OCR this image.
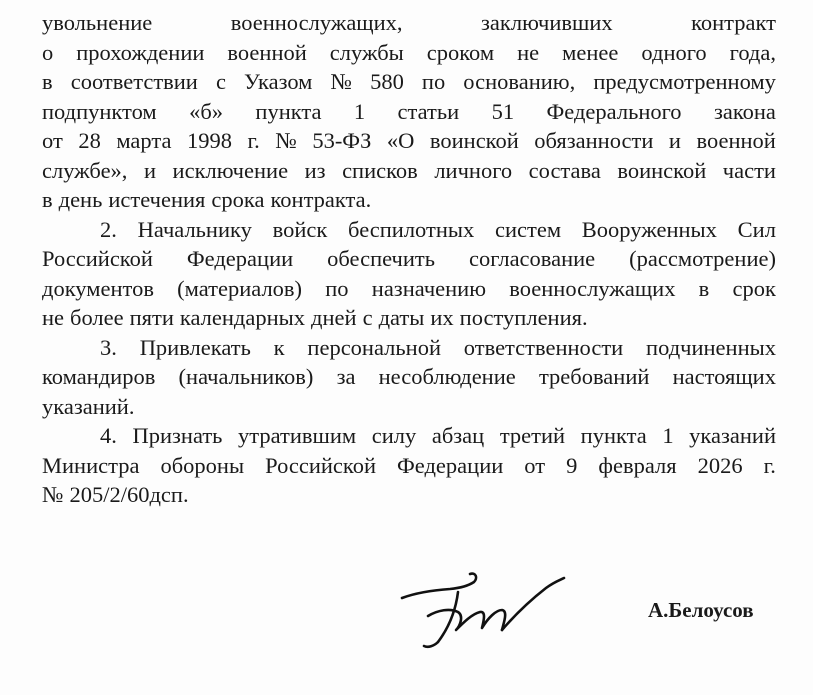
увольнение	военнослужащих,	заключивших	контракт
о прохождении военной службы сроком не менее одного года,
в соответствии с Указом № 580 по основанию, предусмотренному
подпунктом «б» пункта 1 статьи 51 Федерального закона
от 28 марта 1998 г. № 53-ФЗ «О воинской обязанности и военной
службе», и исключение из списков личного состава воинской части
в день истечения срока контракта.
2. Начальнику войск беспилотных систем Вооруженных Сил
Российской Федерации обеспечить согласование (рассмотрение)
документов (материалов) по назначению военнослужащих в срок
не более пяти календарных дней с даты их поступления.
3. Привлекать к персональной ответственности подчиненных
командиров (начальников) за несоблюдение требований настоящих
указаний.
4. Признать утратившим силу абзац третий пункта 1 указаний
Министра обороны Российской Федерации от 9 февраля 2026 г.
№ 205/2/60дсп.
А.Белоусов
